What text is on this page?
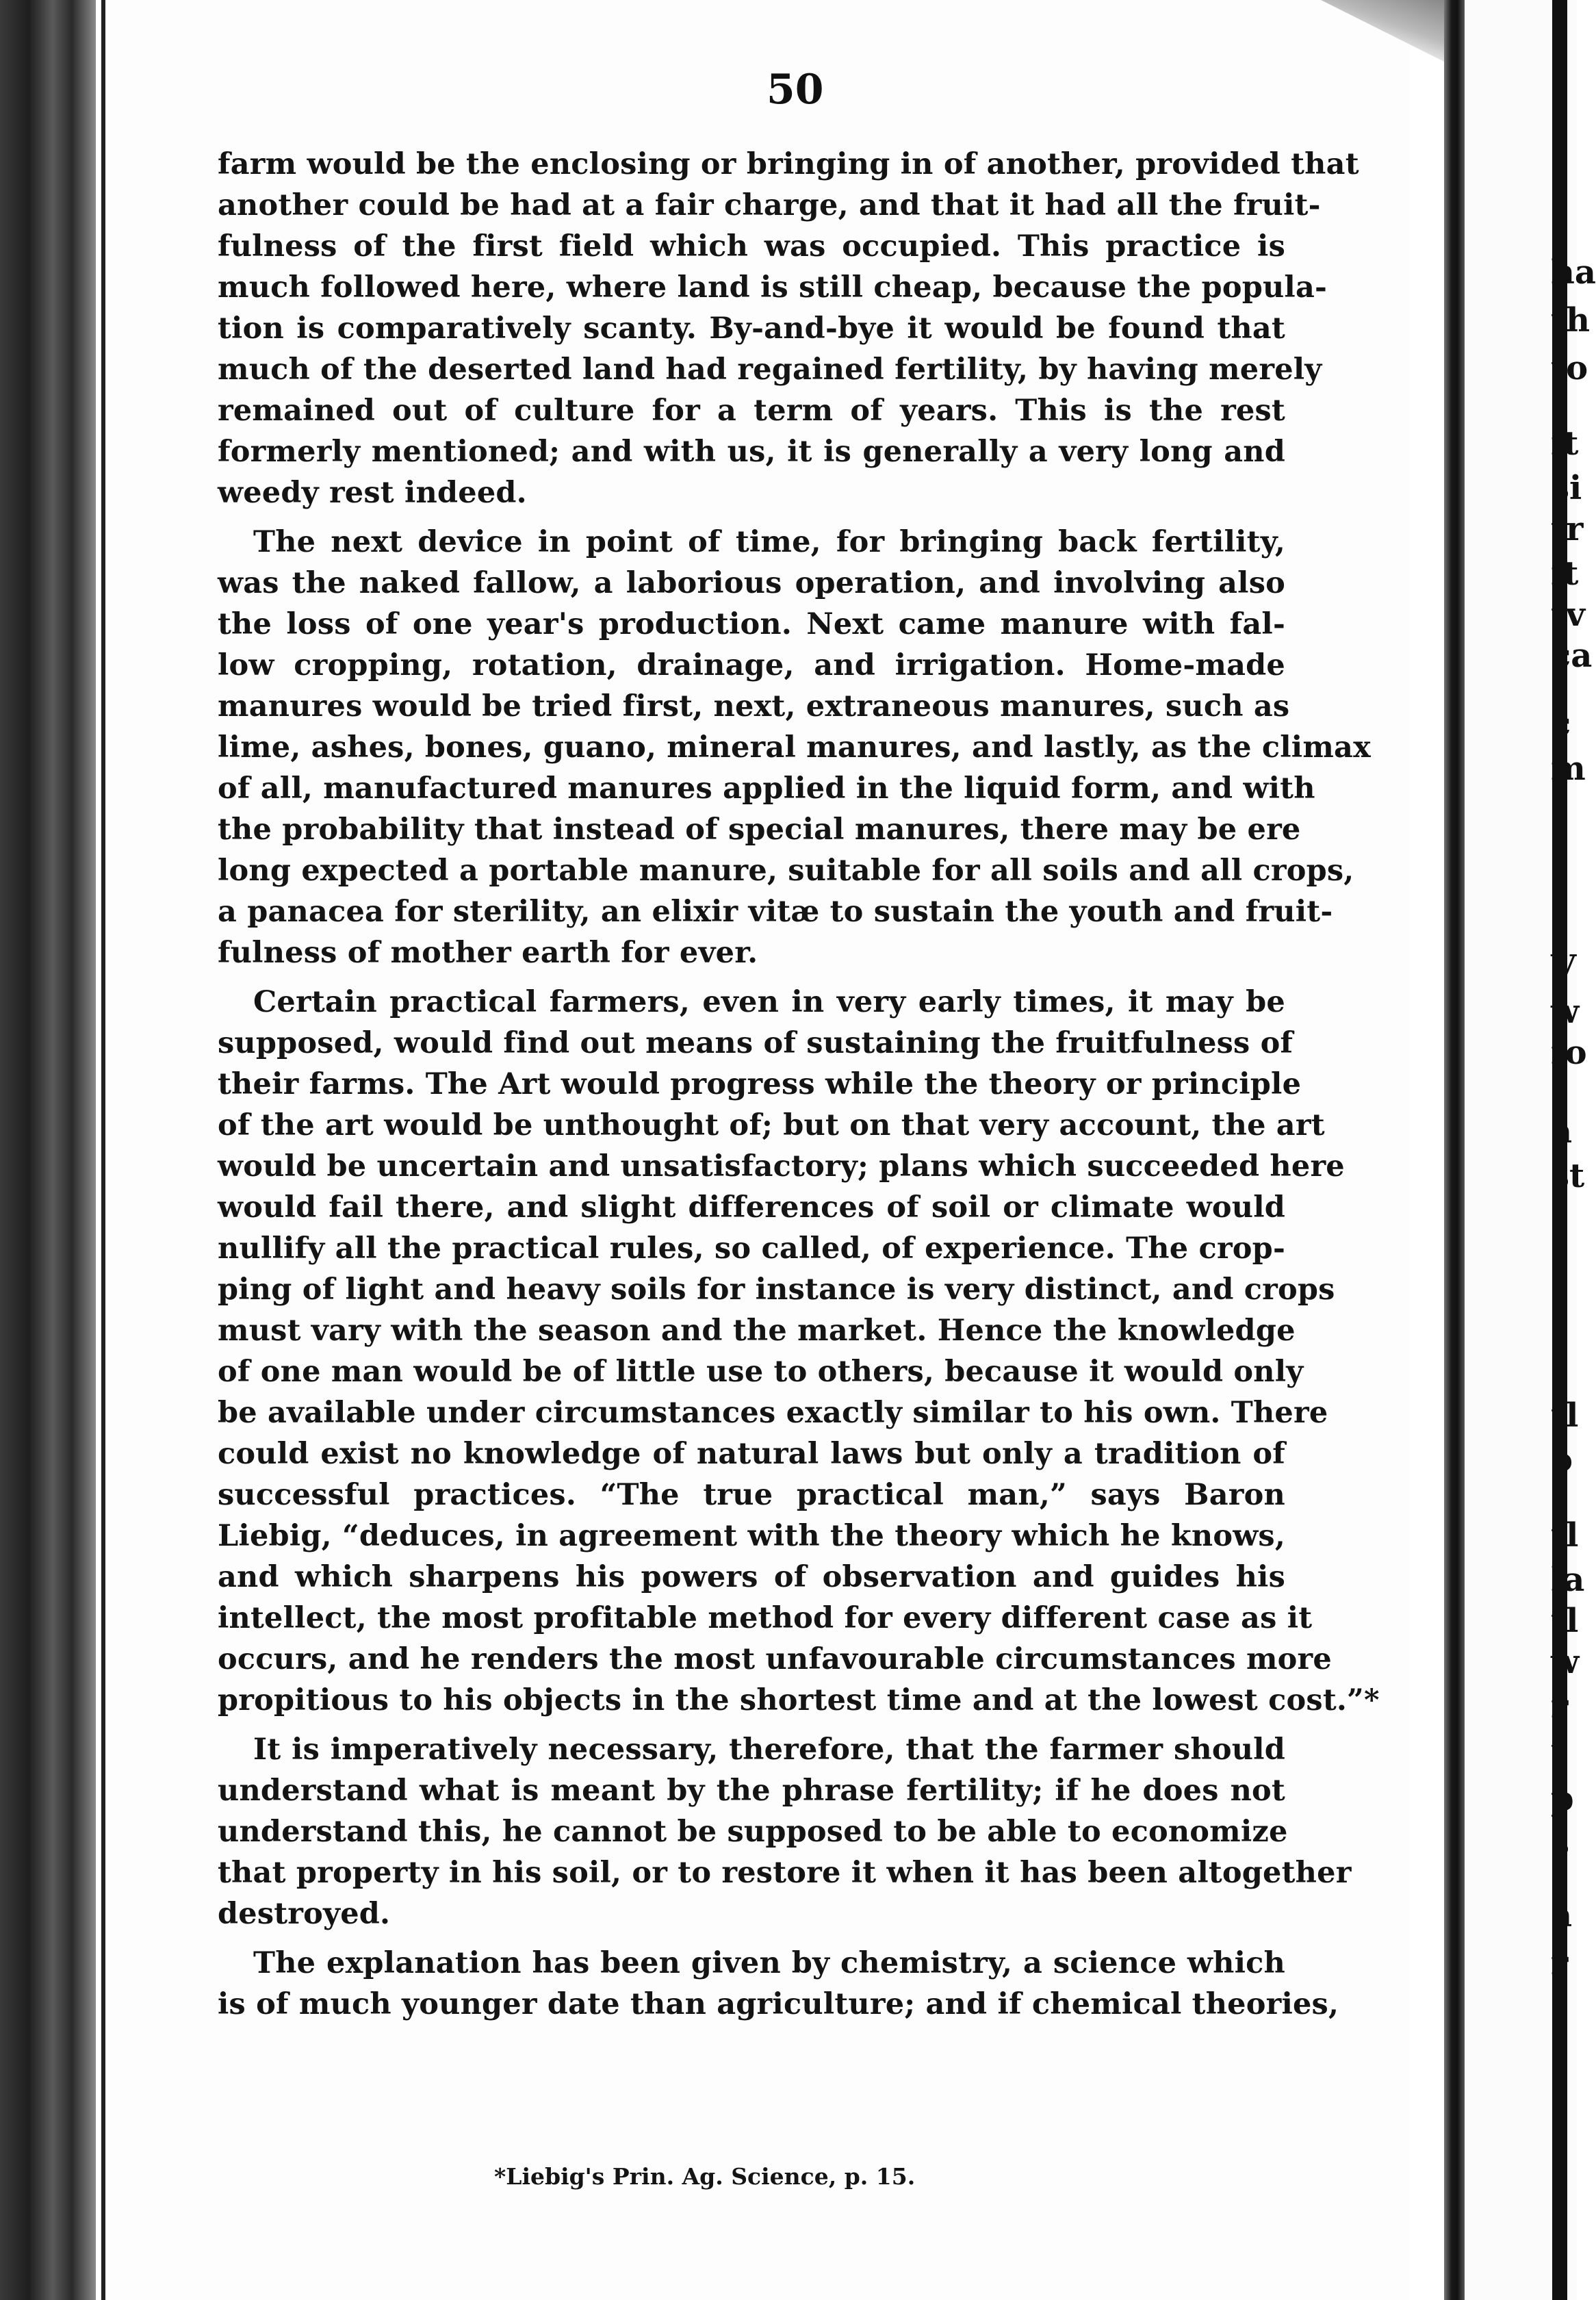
50
farm would be the enclosing or bringing in of another, provided that
another could be had at a fair charge, and that it had all the fruit-
fulness of the first field which was occupied. This practice is
much followed here, where land is still cheap, because the popula-
tion is comparatively scanty. By-and-bye it would be found that
much of the deserted land had regained fertility, by having merely
remained out of culture for a term of years. This is the rest
formerly mentioned; and with us, it is generally a very long and
weedy rest indeed.
The next device in point of time, for bringing back fertility,
was the naked fallow, a laborious operation, and involving also
the loss of one year's production. Next came manure with fal-
low cropping, rotation, drainage, and irrigation. Home-made
manures would be tried first, next, extraneous manures, such as
lime, ashes, bones, guano, mineral manures, and lastly, as the climax
of all, manufactured manures applied in the liquid form, and with
the probability that instead of special manures, there may be ere
long expected a portable manure, suitable for all soils and all crops,
a panacea for sterility, an elixir vitæ to sustain the youth and fruit-
fulness of mother earth for ever.
Certain practical farmers, even in very early times, it may be
supposed, would find out means of sustaining the fruitfulness of
their farms. The Art would progress while the theory or principle
of the art would be unthought of; but on that very account, the art
would be uncertain and unsatisfactory; plans which succeeded here
would fail there, and slight differences of soil or climate would
nullify all the practical rules, so called, of experience. The crop-
ping of light and heavy soils for instance is very distinct, and crops
must vary with the season and the market. Hence the knowledge
of one man would be of little use to others, because it would only
be available under circumstances exactly similar to his own. There
could exist no knowledge of natural laws but only a tradition of
successful practices. “The true practical man,” says Baron
Liebig, “deduces, in agreement with the theory which he knows,
and which sharpens his powers of observation and guides his
intellect, the most profitable method for every different case as it
occurs, and he renders the most unfavourable circumstances more
propitious to his objects in the shortest time and at the lowest cost.”*
It is imperatively necessary, therefore, that the farmer should
understand what is meant by the phrase fertility; if he does not
understand this, he cannot be supposed to be able to economize
that property in his soil, or to restore it when it has been altogether
destroyed.
The explanation has been given by chemistry, a science which
is of much younger date than agriculture; and if chemical theories,
*Liebig's Prin. Ag. Science, p. 15.
ha
th
to
it
si
tr
it
tv
ca
c
m
V
w
fo
a
st
tl
o
tl
la
tl
w
r
t
p
s
a
r
